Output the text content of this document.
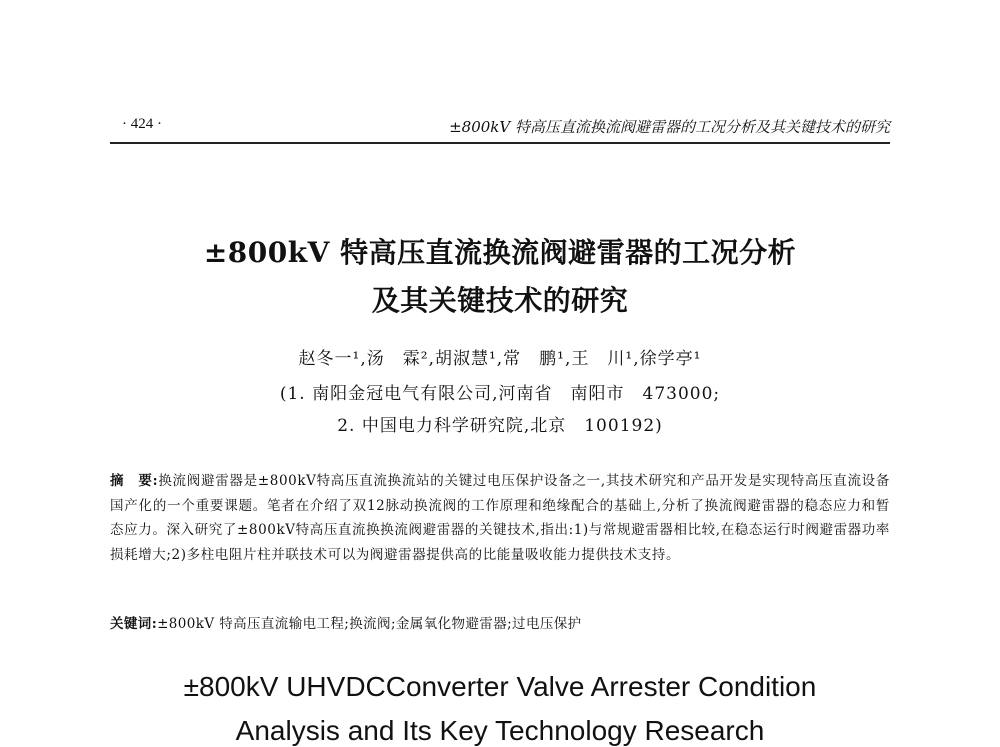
· 424 ·	±800kV 特高压直流换流阀避雷器的工况分析及其关键技术的研究
±800kV 特高压直流换流阀避雷器的工况分析
及其关键技术的研究
赵冬一¹,汤　霖²,胡淑慧¹,常　鹏¹,王　川¹,徐学亭¹
(1. 南阳金冠电气有限公司,河南省　南阳市　473000;
2. 中国电力科学研究院,北京　100192)
摘　要:换流阀避雷器是±800kV特高压直流换流站的关键过电压保护设备之一,其技术研究和产品开发是实现特高压直流设备国产化的一个重要课题。笔者在介绍了双12脉动换流阀的工作原理和绝缘配合的基础上,分析了换流阀避雷器的稳态应力和暂态应力。深入研究了±800kV特高压直流换换流阀避雷器的关键技术,指出:1)与常规避雷器相比较,在稳态运行时阀避雷器功率损耗增大;2)多柱电阻片柱并联技术可以为阀避雷器提供高的比能量吸收能力提供技术支持。
关键词:±800kV 特高压直流输电工程;换流阀;金属氧化物避雷器;过电压保护
±800kV UHVDCConverter Valve Arrester Condition
Analysis and Its Key Technology Research
